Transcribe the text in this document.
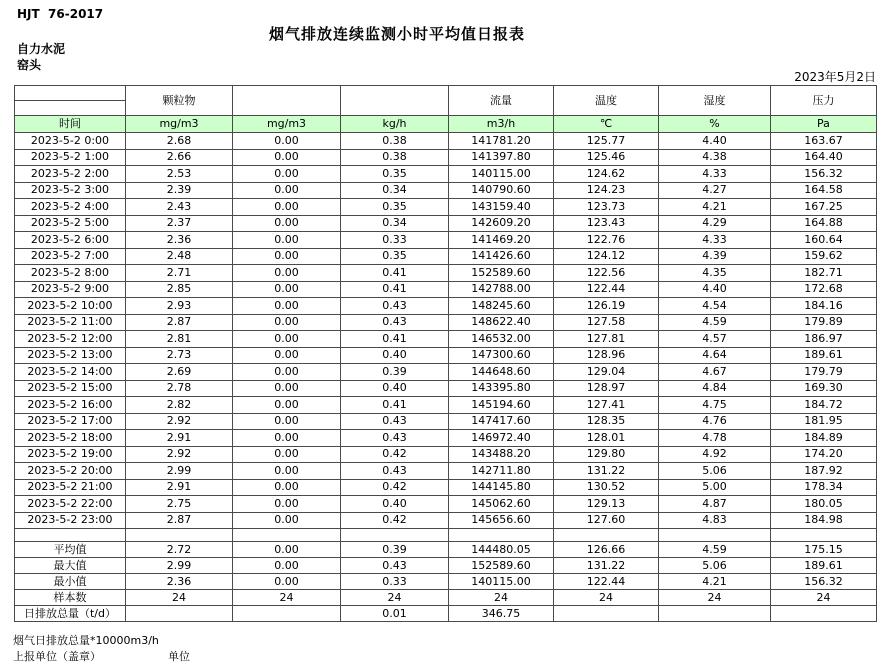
HJT  76-2017
烟气排放连续监测小时平均值日报表
自力水泥
窑头
2023年5月2日
	颗粒物			流量	温度	湿度	压力

时间	mg/m3	mg/m3	kg/h	m3/h	℃	%	Pa
2023-5-2 0:00	2.68	0.00	0.38	141781.20	125.77	4.40	163.67
2023-5-2 1:00	2.66	0.00	0.38	141397.80	125.46	4.38	164.40
2023-5-2 2:00	2.53	0.00	0.35	140115.00	124.62	4.33	156.32
2023-5-2 3:00	2.39	0.00	0.34	140790.60	124.23	4.27	164.58
2023-5-2 4:00	2.43	0.00	0.35	143159.40	123.73	4.21	167.25
2023-5-2 5:00	2.37	0.00	0.34	142609.20	123.43	4.29	164.88
2023-5-2 6:00	2.36	0.00	0.33	141469.20	122.76	4.33	160.64
2023-5-2 7:00	2.48	0.00	0.35	141426.60	124.12	4.39	159.62
2023-5-2 8:00	2.71	0.00	0.41	152589.60	122.56	4.35	182.71
2023-5-2 9:00	2.85	0.00	0.41	142788.00	122.44	4.40	172.68
2023-5-2 10:00	2.93	0.00	0.43	148245.60	126.19	4.54	184.16
2023-5-2 11:00	2.87	0.00	0.43	148622.40	127.58	4.59	179.89
2023-5-2 12:00	2.81	0.00	0.41	146532.00	127.81	4.57	186.97
2023-5-2 13:00	2.73	0.00	0.40	147300.60	128.96	4.64	189.61
2023-5-2 14:00	2.69	0.00	0.39	144648.60	129.04	4.67	179.79
2023-5-2 15:00	2.78	0.00	0.40	143395.80	128.97	4.84	169.30
2023-5-2 16:00	2.82	0.00	0.41	145194.60	127.41	4.75	184.72
2023-5-2 17:00	2.92	0.00	0.43	147417.60	128.35	4.76	181.95
2023-5-2 18:00	2.91	0.00	0.43	146972.40	128.01	4.78	184.89
2023-5-2 19:00	2.92	0.00	0.42	143488.20	129.80	4.92	174.20
2023-5-2 20:00	2.99	0.00	0.43	142711.80	131.22	5.06	187.92
2023-5-2 21:00	2.91	0.00	0.42	144145.80	130.52	5.00	178.34
2023-5-2 22:00	2.75	0.00	0.40	145062.60	129.13	4.87	180.05
2023-5-2 23:00	2.87	0.00	0.42	145656.60	127.60	4.83	184.98

平均值	2.72	0.00	0.39	144480.05	126.66	4.59	175.15
最大值	2.99	0.00	0.43	152589.60	131.22	5.06	189.61
最小值	2.36	0.00	0.33	140115.00	122.44	4.21	156.32
样本数	24	24	24	24	24	24	24
日排放总量（t/d）			0.01	346.75			
烟气日排放总量*10000m3/h
上报单位（盖章）	单位
